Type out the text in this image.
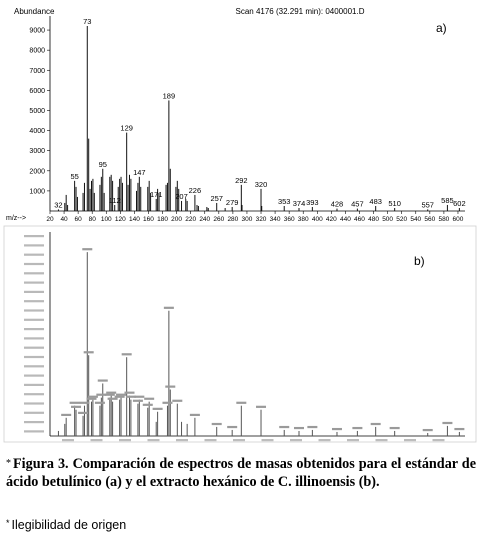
Abundance	Scan 4176 (32.291 min): 0400001.D
a)
m/z-->
1000
2000
3000
4000
5000
6000
7000
8000
9000
20 40 60 80 100 120 140 160 180 200 220 240 260 280 300 320 340 360 380 400 420 440 460 480 500 520 540 560 580 600
32
55
73
95
112
129
147
171
189
207
226
257 279
292 320
353 374 393 428 457 483 510	557 585 602
b)
* Figura 3. Comparación de espectros de masas obtenidos para el estándar de ácido betulínico (a) y el extracto hexánico de C. illinoensis (b).
* Ilegibilidad de origen
